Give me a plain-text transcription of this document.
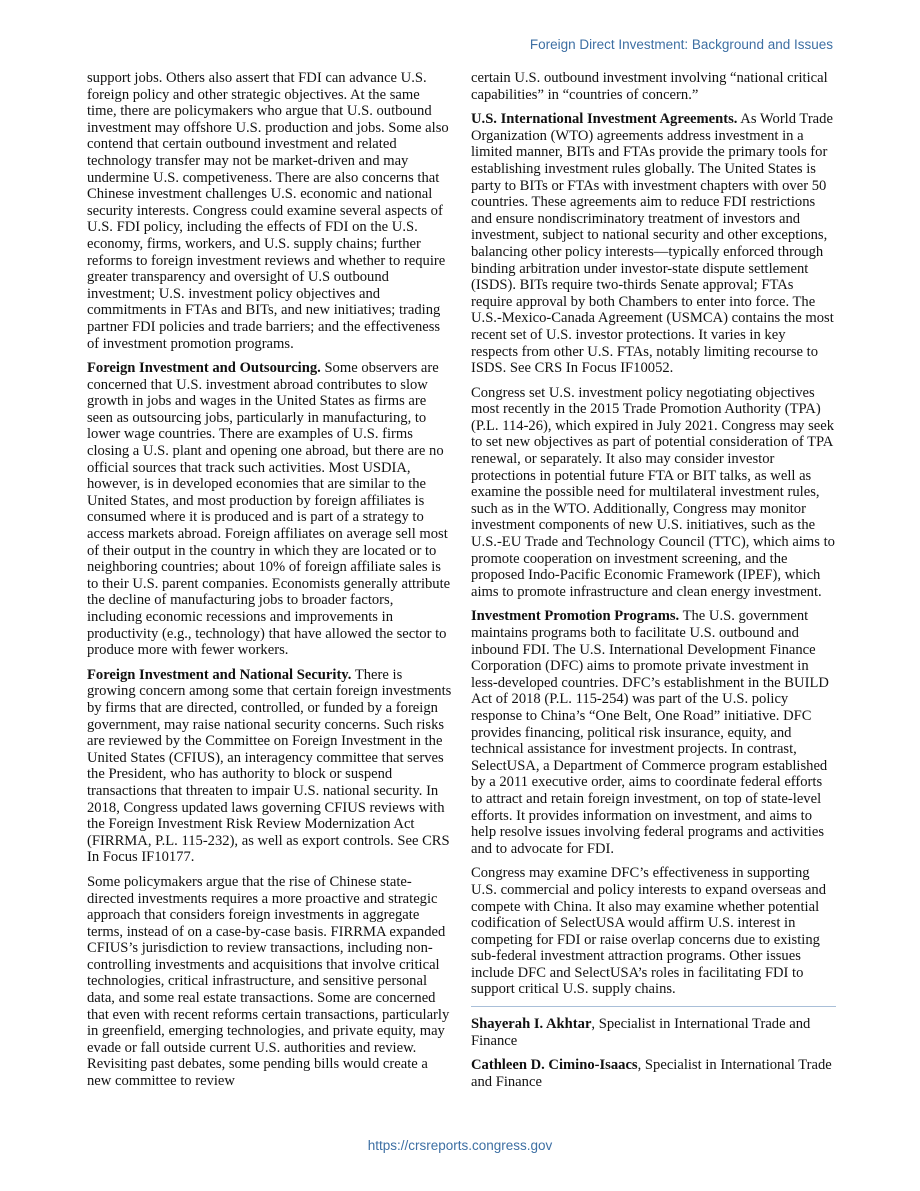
Foreign Direct Investment: Background and Issues

support jobs. Others also assert that FDI can advance U.S. foreign policy and other strategic objectives. At the same time, there are policymakers who argue that U.S. outbound investment may offshore U.S. production and jobs. Some also contend that certain outbound investment and related technology transfer may not be market-driven and may undermine U.S. competiveness. There are also concerns that Chinese investment challenges U.S. economic and national security interests. Congress could examine several aspects of U.S. FDI policy, including the effects of FDI on the U.S. economy, firms, workers, and U.S. supply chains; further reforms to foreign investment reviews and whether to require greater transparency and oversight of U.S outbound investment; U.S. investment policy objectives and commitments in FTAs and BITs, and new initiatives; trading partner FDI policies and trade barriers; and the effectiveness of investment promotion programs.

Foreign Investment and Outsourcing. Some observers are concerned that U.S. investment abroad contributes to slow growth in jobs and wages in the United States as firms are seen as outsourcing jobs, particularly in manufacturing, to lower wage countries. There are examples of U.S. firms closing a U.S. plant and opening one abroad, but there are no official sources that track such activities. Most USDIA, however, is in developed economies that are similar to the United States, and most production by foreign affiliates is consumed where it is produced and is part of a strategy to access markets abroad. Foreign affiliates on average sell most of their output in the country in which they are located or to neighboring countries; about 10% of foreign affiliate sales is to their U.S. parent companies. Economists generally attribute the decline of manufacturing jobs to broader factors, including economic recessions and improvements in productivity (e.g., technology) that have allowed the sector to produce more with fewer workers.

Foreign Investment and National Security. There is growing concern among some that certain foreign investments by firms that are directed, controlled, or funded by a foreign government, may raise national security concerns. Such risks are reviewed by the Committee on Foreign Investment in the United States (CFIUS), an interagency committee that serves the President, who has authority to block or suspend transactions that threaten to impair U.S. national security. In 2018, Congress updated laws governing CFIUS reviews with the Foreign Investment Risk Review Modernization Act (FIRRMA, P.L. 115-232), as well as export controls. See CRS In Focus IF10177.

Some policymakers argue that the rise of Chinese state-directed investments requires a more proactive and strategic approach that considers foreign investments in aggregate terms, instead of on a case-by-case basis. FIRRMA expanded CFIUS’s jurisdiction to review transactions, including non-controlling investments and acquisitions that involve critical technologies, critical infrastructure, and sensitive personal data, and some real estate transactions. Some are concerned that even with recent reforms certain transactions, particularly in greenfield, emerging technologies, and private equity, may evade or fall outside current U.S. authorities and review. Revisiting past debates, some pending bills would create a new committee to review

certain U.S. outbound investment involving “national critical capabilities” in “countries of concern.”

U.S. International Investment Agreements. As World Trade Organization (WTO) agreements address investment in a limited manner, BITs and FTAs provide the primary tools for establishing investment rules globally. The United States is party to BITs or FTAs with investment chapters with over 50 countries. These agreements aim to reduce FDI restrictions and ensure nondiscriminatory treatment of investors and investment, subject to national security and other exceptions, balancing other policy interests—typically enforced through binding arbitration under investor-state dispute settlement (ISDS). BITs require two-thirds Senate approval; FTAs require approval by both Chambers to enter into force. The U.S.-Mexico-Canada Agreement (USMCA) contains the most recent set of U.S. investor protections. It varies in key respects from other U.S. FTAs, notably limiting recourse to ISDS. See CRS In Focus IF10052.

Congress set U.S. investment policy negotiating objectives most recently in the 2015 Trade Promotion Authority (TPA) (P.L. 114-26), which expired in July 2021. Congress may seek to set new objectives as part of potential consideration of TPA renewal, or separately. It also may consider investor protections in potential future FTA or BIT talks, as well as examine the possible need for multilateral investment rules, such as in the WTO. Additionally, Congress may monitor investment components of new U.S. initiatives, such as the U.S.-EU Trade and Technology Council (TTC), which aims to promote cooperation on investment screening, and the proposed Indo-Pacific Economic Framework (IPEF), which aims to promote infrastructure and clean energy investment.

Investment Promotion Programs. The U.S. government maintains programs both to facilitate U.S. outbound and inbound FDI. The U.S. International Development Finance Corporation (DFC) aims to promote private investment in less-developed countries. DFC’s establishment in the BUILD Act of 2018 (P.L. 115-254) was part of the U.S. policy response to China’s “One Belt, One Road” initiative. DFC provides financing, political risk insurance, equity, and technical assistance for investment projects. In contrast, SelectUSA, a Department of Commerce program established by a 2011 executive order, aims to coordinate federal efforts to attract and retain foreign investment, on top of state-level efforts. It provides information on investment, and aims to help resolve issues involving federal programs and activities and to advocate for FDI.

Congress may examine DFC’s effectiveness in supporting U.S. commercial and policy interests to expand overseas and compete with China. It also may examine whether potential codification of SelectUSA would affirm U.S. interest in competing for FDI or raise overlap concerns due to existing sub-federal investment attraction programs. Other issues include DFC and SelectUSA’s roles in facilitating FDI to support critical U.S. supply chains.

Shayerah I. Akhtar, Specialist in International Trade and Finance

Cathleen D. Cimino-Isaacs, Specialist in International Trade and Finance

https://crsreports.congress.gov
